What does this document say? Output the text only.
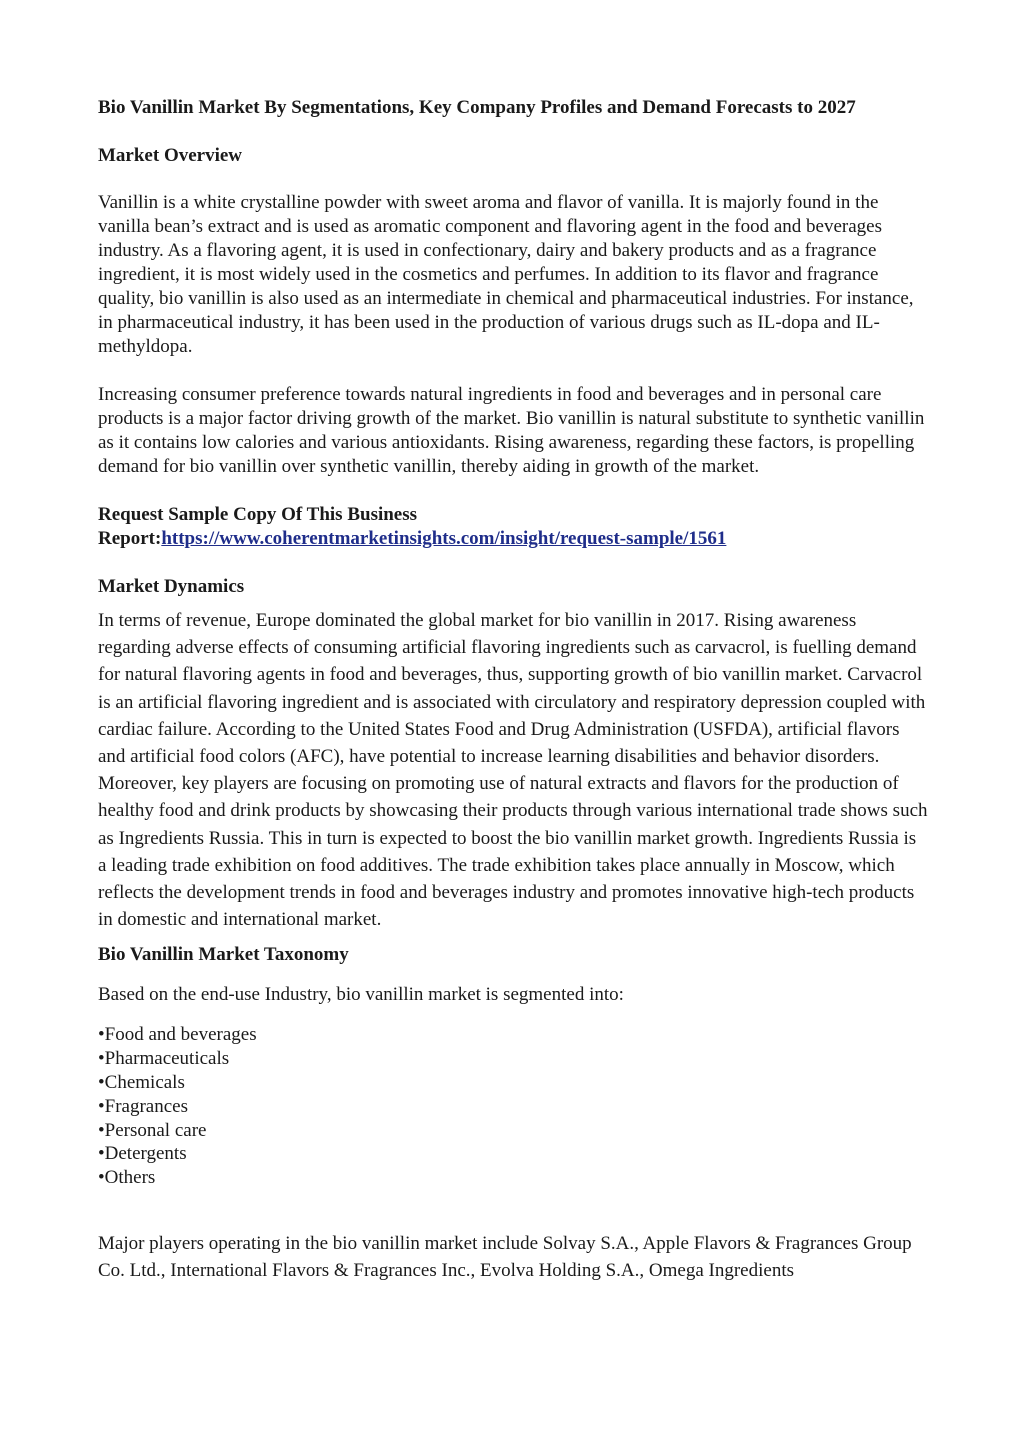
Bio Vanillin Market By Segmentations, Key Company Profiles and Demand Forecasts to 2027
Market Overview

Vanillin is a white crystalline powder with sweet aroma and flavor of vanilla. It is majorly found in the vanilla bean’s extract and is used as aromatic component and flavoring agent in the food and beverages industry. As a flavoring agent, it is used in confectionary, dairy and bakery products and as a fragrance ingredient, it is most widely used in the cosmetics and perfumes. In addition to its flavor and fragrance quality, bio vanillin is also used as an intermediate in chemical and pharmaceutical industries. For instance, in pharmaceutical industry, it has been used in the production of various drugs such as IL-dopa and IL-methyldopa.

Increasing consumer preference towards natural ingredients in food and beverages and in personal care products is a major factor driving growth of the market. Bio vanillin is natural substitute to synthetic vanillin as it contains low calories and various antioxidants. Rising awareness, regarding these factors, is propelling demand for bio vanillin over synthetic vanillin, thereby aiding in growth of the market.

Request Sample Copy Of This Business Report:https://www.coherentmarketinsights.com/insight/request-sample/1561
Market Dynamics

In terms of revenue, Europe dominated the global market for bio vanillin in 2017. Rising awareness regarding adverse effects of consuming artificial flavoring ingredients such as carvacrol, is fuelling demand for natural flavoring agents in food and beverages, thus, supporting growth of bio vanillin market. Carvacrol is an artificial flavoring ingredient and is associated with circulatory and respiratory depression coupled with cardiac failure. According to the United States Food and Drug Administration (USFDA), artificial flavors and artificial food colors (AFC), have potential to increase learning disabilities and behavior disorders. Moreover, key players are focusing on promoting use of natural extracts and flavors for the production of healthy food and drink products by showcasing their products through various international trade shows such as Ingredients Russia. This in turn is expected to boost the bio vanillin market growth. Ingredients Russia is a leading trade exhibition on food additives. The trade exhibition takes place annually in Moscow, which reflects the development trends in food and beverages industry and promotes innovative high-tech products in domestic and international market.

Bio Vanillin Market Taxonomy

Based on the end-use Industry, bio vanillin market is segmented into:

•Food and beverages
•Pharmaceuticals
•Chemicals
•Fragrances
•Personal care
•Detergents
•Others

Major players operating in the bio vanillin market include Solvay S.A., Apple Flavors & Fragrances Group Co. Ltd., International Flavors & Fragrances Inc., Evolva Holding S.A., Omega Ingredients
